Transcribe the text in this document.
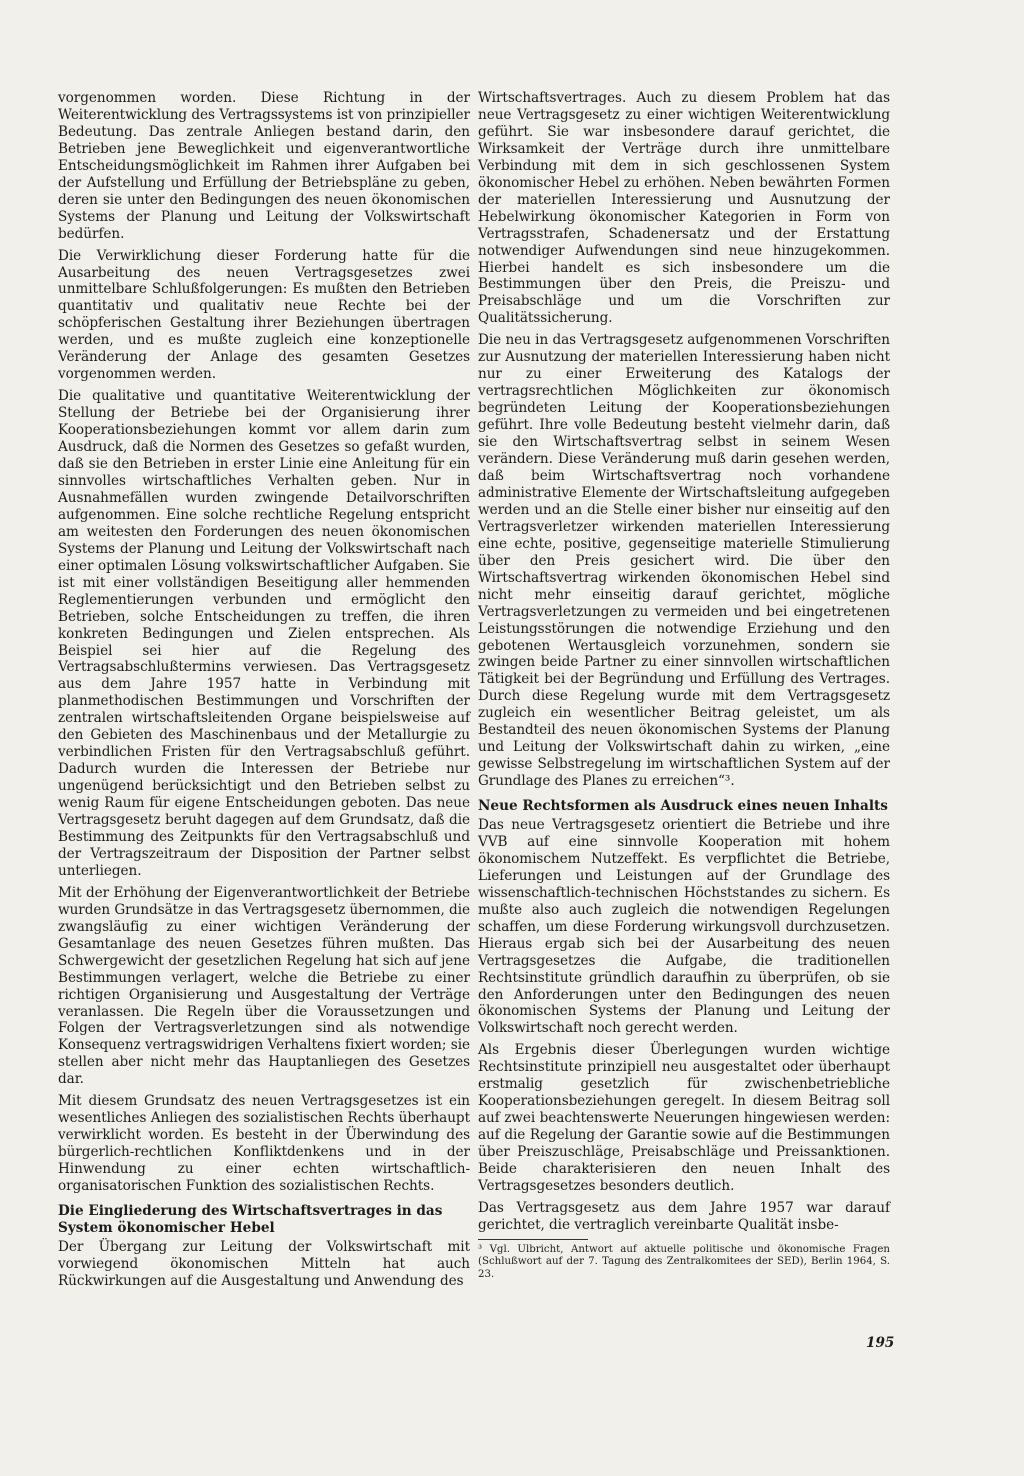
vorgenommen worden. Diese Richtung in der Weiterentwicklung des Vertragssystems ist von prinzipieller Bedeutung. Das zentrale Anliegen bestand darin, den Betrieben jene Beweglichkeit und eigenverantwortliche Entscheidungsmöglichkeit im Rahmen ihrer Aufgaben bei der Aufstellung und Erfüllung der Betriebspläne zu geben, deren sie unter den Bedingungen des neuen ökonomischen Systems der Planung und Leitung der Volkswirtschaft bedürfen.

Die Verwirklichung dieser Forderung hatte für die Ausarbeitung des neuen Vertragsgesetzes zwei unmittelbare Schlußfolgerungen: Es mußten den Betrieben quantitativ und qualitativ neue Rechte bei der schöpferischen Gestaltung ihrer Beziehungen übertragen werden, und es mußte zugleich eine konzeptionelle Veränderung der Anlage des gesamten Gesetzes vorgenommen werden.

Die qualitative und quantitative Weiterentwicklung der Stellung der Betriebe bei der Organisierung ihrer Kooperationsbeziehungen kommt vor allem darin zum Ausdruck, daß die Normen des Gesetzes so gefaßt wurden, daß sie den Betrieben in erster Linie eine Anleitung für ein sinnvolles wirtschaftliches Verhalten geben. Nur in Ausnahmefällen wurden zwingende Detailvorschriften aufgenommen. Eine solche rechtliche Regelung entspricht am weitesten den Forderungen des neuen ökonomischen Systems der Planung und Leitung der Volkswirtschaft nach einer optimalen Lösung volkswirtschaftlicher Aufgaben. Sie ist mit einer vollständigen Beseitigung aller hemmenden Reglementierungen verbunden und ermöglicht den Betrieben, solche Entscheidungen zu treffen, die ihren konkreten Bedingungen und Zielen entsprechen. Als Beispiel sei hier auf die Regelung des Vertragsabschlußtermins verwiesen. Das Vertragsgesetz aus dem Jahre 1957 hatte in Verbindung mit planmethodischen Bestimmungen und Vorschriften der zentralen wirtschaftsleitenden Organe beispielsweise auf den Gebieten des Maschinenbaus und der Metallurgie zu verbindlichen Fristen für den Vertragsabschluß geführt. Dadurch wurden die Interessen der Betriebe nur ungenügend berücksichtigt und den Betrieben selbst zu wenig Raum für eigene Entscheidungen geboten. Das neue Vertragsgesetz beruht dagegen auf dem Grundsatz, daß die Bestimmung des Zeitpunkts für den Vertragsabschluß und der Vertragszeitraum der Disposition der Partner selbst unterliegen.

Mit der Erhöhung der Eigenverantwortlichkeit der Betriebe wurden Grundsätze in das Vertragsgesetz übernommen, die zwangsläufig zu einer wichtigen Veränderung der Gesamtanlage des neuen Gesetzes führen mußten. Das Schwergewicht der gesetzlichen Regelung hat sich auf jene Bestimmungen verlagert, welche die Betriebe zu einer richtigen Organisierung und Ausgestaltung der Verträge veranlassen. Die Regeln über die Voraussetzungen und Folgen der Vertragsverletzungen sind als notwendige Konsequenz vertragswidrigen Verhaltens fixiert worden; sie stellen aber nicht mehr das Hauptanliegen des Gesetzes dar.

Mit diesem Grundsatz des neuen Vertragsgesetzes ist ein wesentliches Anliegen des sozialistischen Rechts überhaupt verwirklicht worden. Es besteht in der Überwindung des bürgerlich-rechtlichen Konfliktdenkens und in der Hinwendung zu einer echten wirtschaftlich-organisatorischen Funktion des sozialistischen Rechts.

Die Eingliederung des Wirtschaftsvertrages in das System ökonomischer Hebel

Der Übergang zur Leitung der Volkswirtschaft mit vorwiegend ökonomischen Mitteln hat auch Rückwirkungen auf die Ausgestaltung und Anwendung des

Wirtschaftsvertrages. Auch zu diesem Problem hat das neue Vertragsgesetz zu einer wichtigen Weiterentwicklung geführt. Sie war insbesondere darauf gerichtet, die Wirksamkeit der Verträge durch ihre unmittelbare Verbindung mit dem in sich geschlossenen System ökonomischer Hebel zu erhöhen. Neben bewährten Formen der materiellen Interessierung und Ausnutzung der Hebelwirkung ökonomischer Kategorien in Form von Vertragsstrafen, Schadenersatz und der Erstattung notwendiger Aufwendungen sind neue hinzugekommen. Hierbei handelt es sich insbesondere um die Bestimmungen über den Preis, die Preiszu- und Preisabschläge und um die Vorschriften zur Qualitätssicherung.

Die neu in das Vertragsgesetz aufgenommenen Vorschriften zur Ausnutzung der materiellen Interessierung haben nicht nur zu einer Erweiterung des Katalogs der vertragsrechtlichen Möglichkeiten zur ökonomisch begründeten Leitung der Kooperationsbeziehungen geführt. Ihre volle Bedeutung besteht vielmehr darin, daß sie den Wirtschaftsvertrag selbst in seinem Wesen verändern. Diese Veränderung muß darin gesehen werden, daß beim Wirtschaftsvertrag noch vorhandene administrative Elemente der Wirtschaftsleitung aufgegeben werden und an die Stelle einer bisher nur einseitig auf den Vertragsverletzer wirkenden materiellen Interessierung eine echte, positive, gegenseitige materielle Stimulierung über den Preis gesichert wird. Die über den Wirtschaftsvertrag wirkenden ökonomischen Hebel sind nicht mehr einseitig darauf gerichtet, mögliche Vertragsverletzungen zu vermeiden und bei eingetretenen Leistungsstörungen die notwendige Erziehung und den gebotenen Wertausgleich vorzunehmen, sondern sie zwingen beide Partner zu einer sinnvollen wirtschaftlichen Tätigkeit bei der Begründung und Erfüllung des Vertrages. Durch diese Regelung wurde mit dem Vertragsgesetz zugleich ein wesentlicher Beitrag geleistet, um als Bestandteil des neuen ökonomischen Systems der Planung und Leitung der Volkswirtschaft dahin zu wirken, „eine gewisse Selbstregelung im wirtschaftlichen System auf der Grundlage des Planes zu erreichen“³.

Neue Rechtsformen als Ausdruck eines neuen Inhalts

Das neue Vertragsgesetz orientiert die Betriebe und ihre VVB auf eine sinnvolle Kooperation mit hohem ökonomischem Nutzeffekt. Es verpflichtet die Betriebe, Lieferungen und Leistungen auf der Grundlage des wissenschaftlich-technischen Höchststandes zu sichern. Es mußte also auch zugleich die notwendigen Regelungen schaffen, um diese Forderung wirkungsvoll durchzusetzen. Hieraus ergab sich bei der Ausarbeitung des neuen Vertragsgesetzes die Aufgabe, die traditionellen Rechtsinstitute gründlich daraufhin zu überprüfen, ob sie den Anforderungen unter den Bedingungen des neuen ökonomischen Systems der Planung und Leitung der Volkswirtschaft noch gerecht werden.

Als Ergebnis dieser Überlegungen wurden wichtige Rechtsinstitute prinzipiell neu ausgestaltet oder überhaupt erstmalig gesetzlich für zwischenbetriebliche Kooperationsbeziehungen geregelt. In diesem Beitrag soll auf zwei beachtenswerte Neuerungen hingewiesen werden: auf die Regelung der Garantie sowie auf die Bestimmungen über Preiszuschläge, Preisabschläge und Preissanktionen. Beide charakterisieren den neuen Inhalt des Vertragsgesetzes besonders deutlich.

Das Vertragsgesetz aus dem Jahre 1957 war darauf gerichtet, die vertraglich vereinbarte Qualität insbe-

³ Vgl. Ulbricht, Antwort auf aktuelle politische und ökonomische Fragen (Schlußwort auf der 7. Tagung des Zentralkomitees der SED), Berlin 1964, S. 23.

195
